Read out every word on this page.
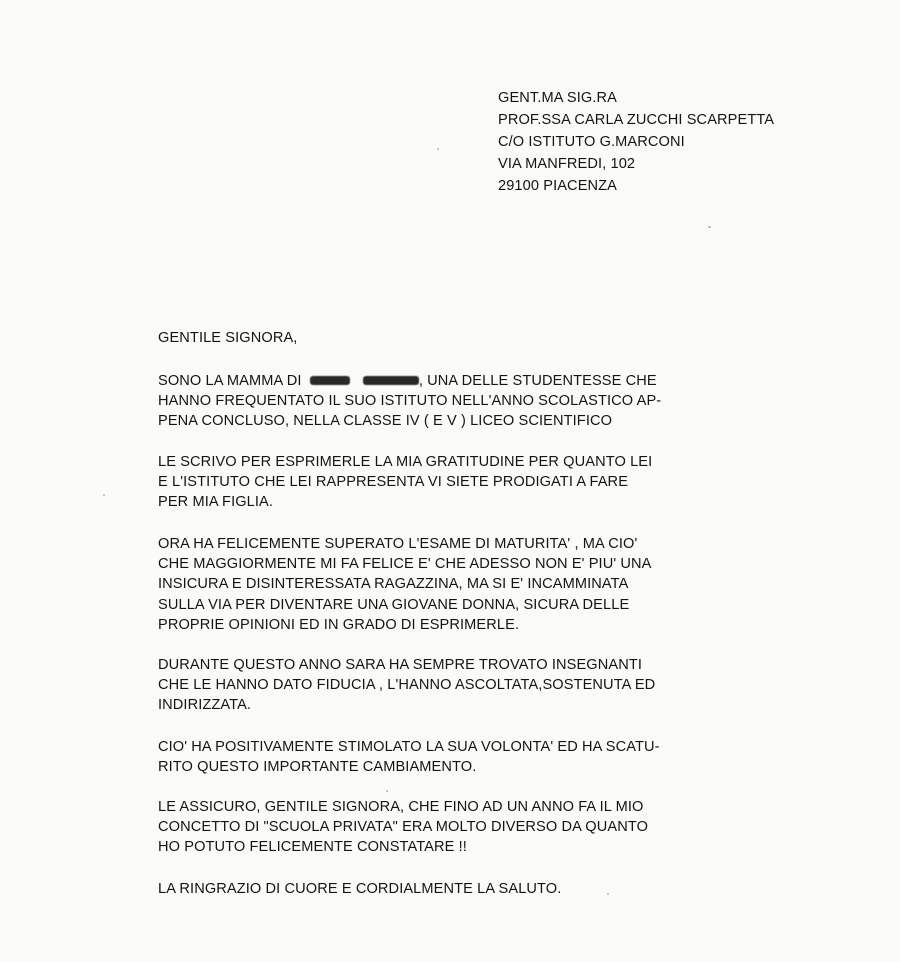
GENT.MA SIG.RA
PROF.SSA CARLA ZUCCHI SCARPETTA
C/O ISTITUTO G.MARCONI
VIA MANFREDI, 102
29100 PIACENZA
GENTILE SIGNORA,
SONO LA MAMMA DI	, UNA DELLE STUDENTESSE CHE
HANNO FREQUENTATO IL SUO ISTITUTO NELL'ANNO SCOLASTICO AP-
PENA CONCLUSO, NELLA CLASSE IV ( E V ) LICEO SCIENTIFICO
LE SCRIVO PER ESPRIMERLE LA MIA GRATITUDINE PER QUANTO LEI
E L'ISTITUTO CHE LEI RAPPRESENTA VI SIETE PRODIGATI A FARE
PER MIA FIGLIA.
ORA HA FELICEMENTE SUPERATO L'ESAME DI MATURITA' , MA CIO'
CHE MAGGIORMENTE MI FA FELICE E' CHE ADESSO NON E' PIU' UNA
INSICURA E DISINTERESSATA RAGAZZINA, MA SI E' INCAMMINATA
SULLA VIA PER DIVENTARE UNA GIOVANE DONNA, SICURA DELLE
PROPRIE OPINIONI ED IN GRADO DI ESPRIMERLE.
DURANTE QUESTO ANNO SARA HA SEMPRE TROVATO INSEGNANTI
CHE LE HANNO DATO FIDUCIA , L'HANNO ASCOLTATA,SOSTENUTA ED
INDIRIZZATA.
CIO' HA POSITIVAMENTE STIMOLATO LA SUA VOLONTA' ED HA SCATU-
RITO QUESTO IMPORTANTE CAMBIAMENTO.
LE ASSICURO, GENTILE SIGNORA, CHE FINO AD UN ANNO FA IL MIO
CONCETTO DI "SCUOLA PRIVATA" ERA MOLTO DIVERSO DA QUANTO
HO POTUTO FELICEMENTE CONSTATARE !!
LA RINGRAZIO DI CUORE E CORDIALMENTE LA SALUTO.
